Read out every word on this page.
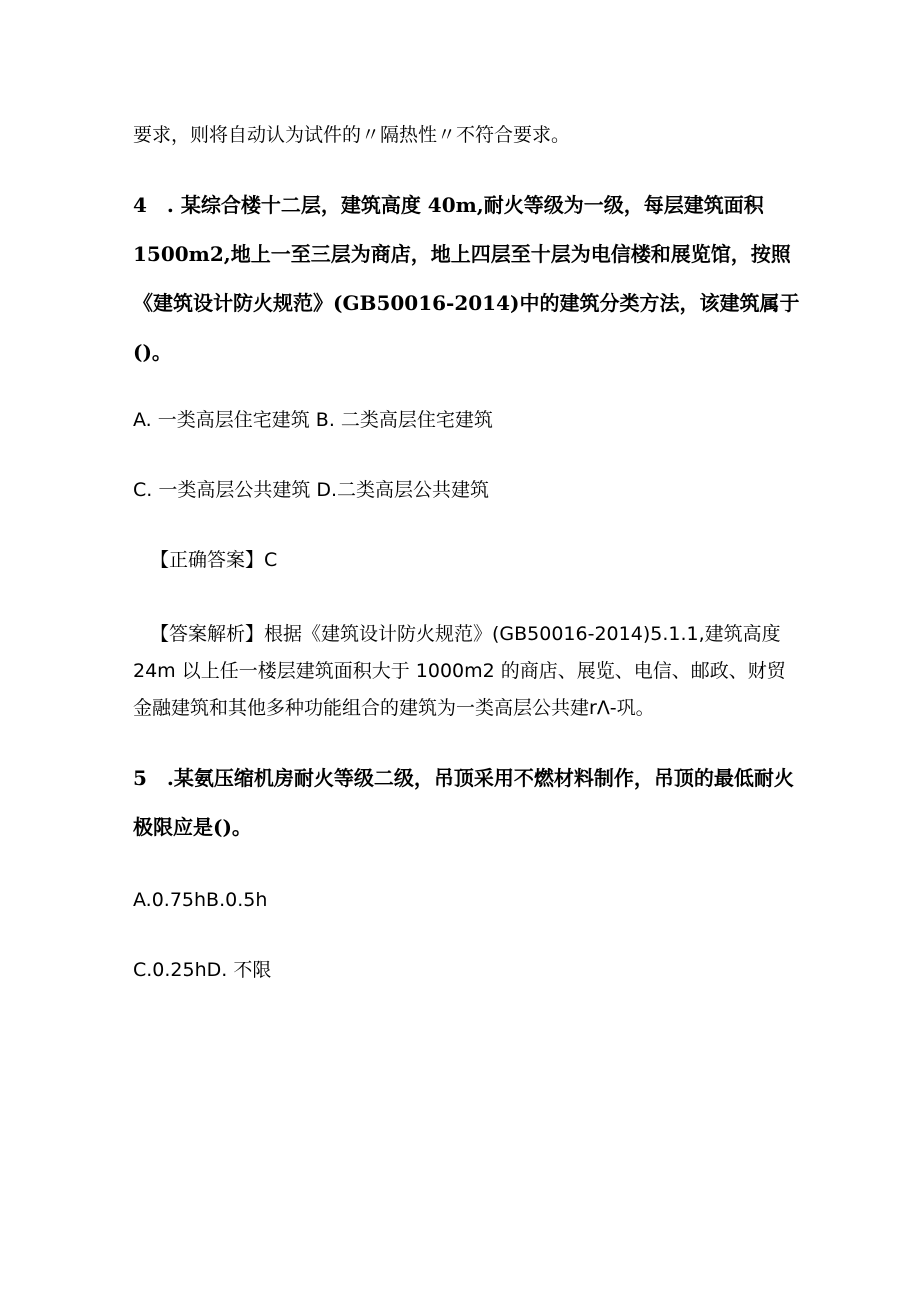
要求，则将自动认为试件的〃隔热性〃不符合要求。
4　. 某综合楼十二层，建筑高度 40m,耐火等级为一级，每层建筑面积
1500m2,地上一至三层为商店，地上四层至十层为电信楼和展览馆，按照
《建筑设计防火规范》(GB50016-2014)中的建筑分类方法，该建筑属于
()。
A. 一类高层住宅建筑 B. 二类高层住宅建筑
C. 一类高层公共建筑 D.二类高层公共建筑
【正确答案】C
【答案解析】根据《建筑设计防火规范》(GB50016-2014)5.1.1,建筑高度
24m 以上任一楼层建筑面积大于 1000m2 的商店、展览、电信、邮政、财贸
金融建筑和其他多种功能组合的建筑为一类高层公共建rΛ-巩。
5　.某氨压缩机房耐火等级二级，吊顶采用不燃材料制作，吊顶的最低耐火
极限应是()。
A.0.75hB.0.5h
C.0.25hD. 不限
